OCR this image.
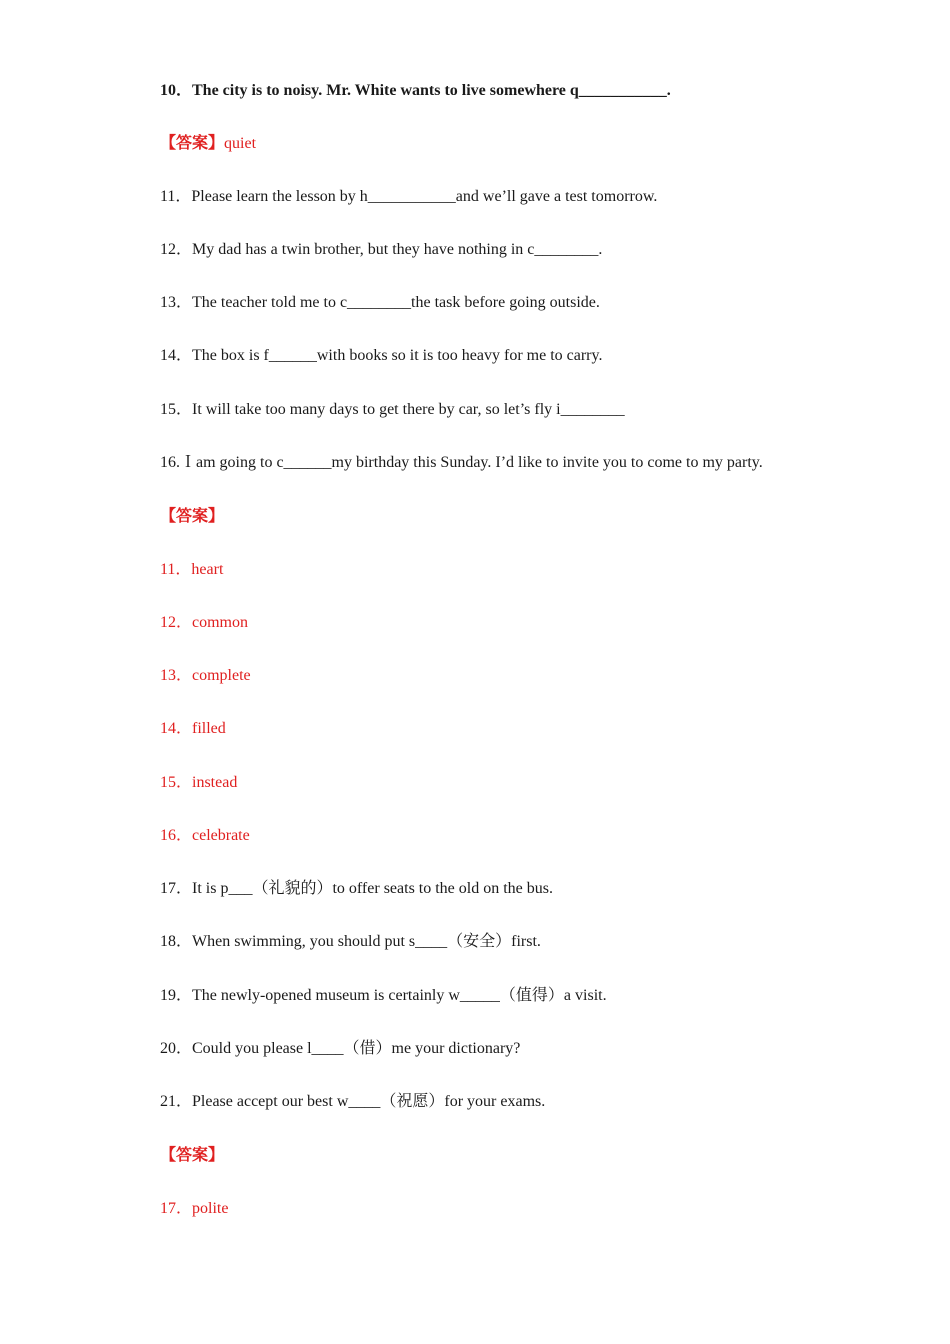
10．The city is to noisy. Mr. White wants to live somewhere q___________.

【答案】quiet

11．Please learn the lesson by h___________and we’ll gave a test tomorrow.

12．My dad has a twin brother, but they have nothing in c________.

13．The teacher told me to c________the task before going outside.

14．The box is f______with books so it is too heavy for me to carry.

15．It will take too many days to get there by car, so let’s fly i________

16.Ｉam going to c______my birthday this Sunday. I’d like to invite you to come to my party.

【答案】

11．heart

12．common

13．complete

14．filled

15．instead

16．celebrate

17．It is p___（礼貌的）to offer seats to the old on the bus.

18．When swimming, you should put s____（安全）first.

19．The newly-opened museum is certainly w_____（值得）a visit.

20．Could you please l____（借）me your dictionary?

21．Please accept our best w____（祝愿）for your exams.

【答案】

17．polite
